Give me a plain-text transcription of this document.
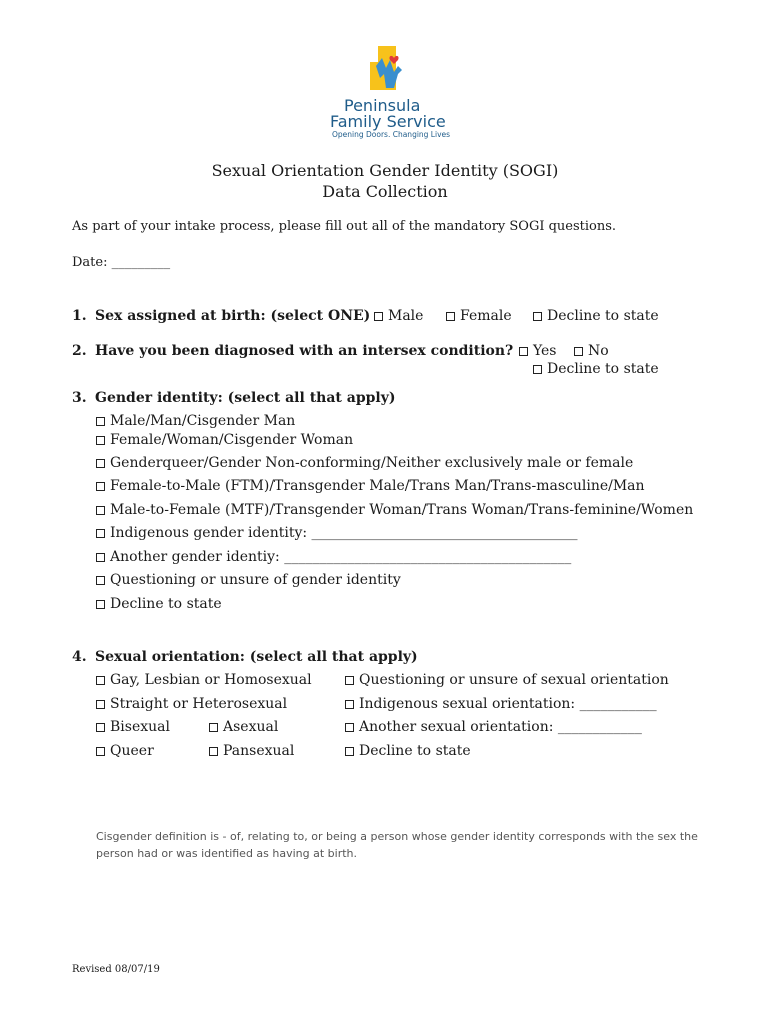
Peninsula
Family Service
Opening Doors. Changing Lives
Sexual Orientation Gender Identity (SOGI)
Data Collection
As part of your intake process, please fill out all of the mandatory SOGI questions.
Date: _________
1. Sex assigned at birth: (select ONE) Male	Female	Decline to state
2. Have you been diagnosed with an intersex condition? Yes No
Decline to state
3. Gender identity: (select all that apply)
Male/Man/Cisgender Man
Female/Woman/Cisgender Woman
Genderqueer/Gender Non-conforming/Neither exclusively male or female
Female-to-Male (FTM)/Transgender Male/Trans Man/Trans-masculine/Man
Male-to-Female (MTF)/Transgender Woman/Trans Woman/Trans-feminine/Women
Indigenous gender identity: ______________________________________
Another gender identiy: _________________________________________
Questioning or unsure of gender identity
Decline to state
4. Sexual orientation: (select all that apply)
Gay, Lesbian or Homosexual
Straight or Heterosexual
Bisexual	Asexual
Queer	Pansexual
Questioning or unsure of sexual orientation
Indigenous sexual orientation: ___________
Another sexual orientation: ____________
Decline to state
Cisgender definition is - of, relating to, or being a person whose gender identity corresponds with the sex the
person had or was identified as having at birth.
Revised 08/07/19
